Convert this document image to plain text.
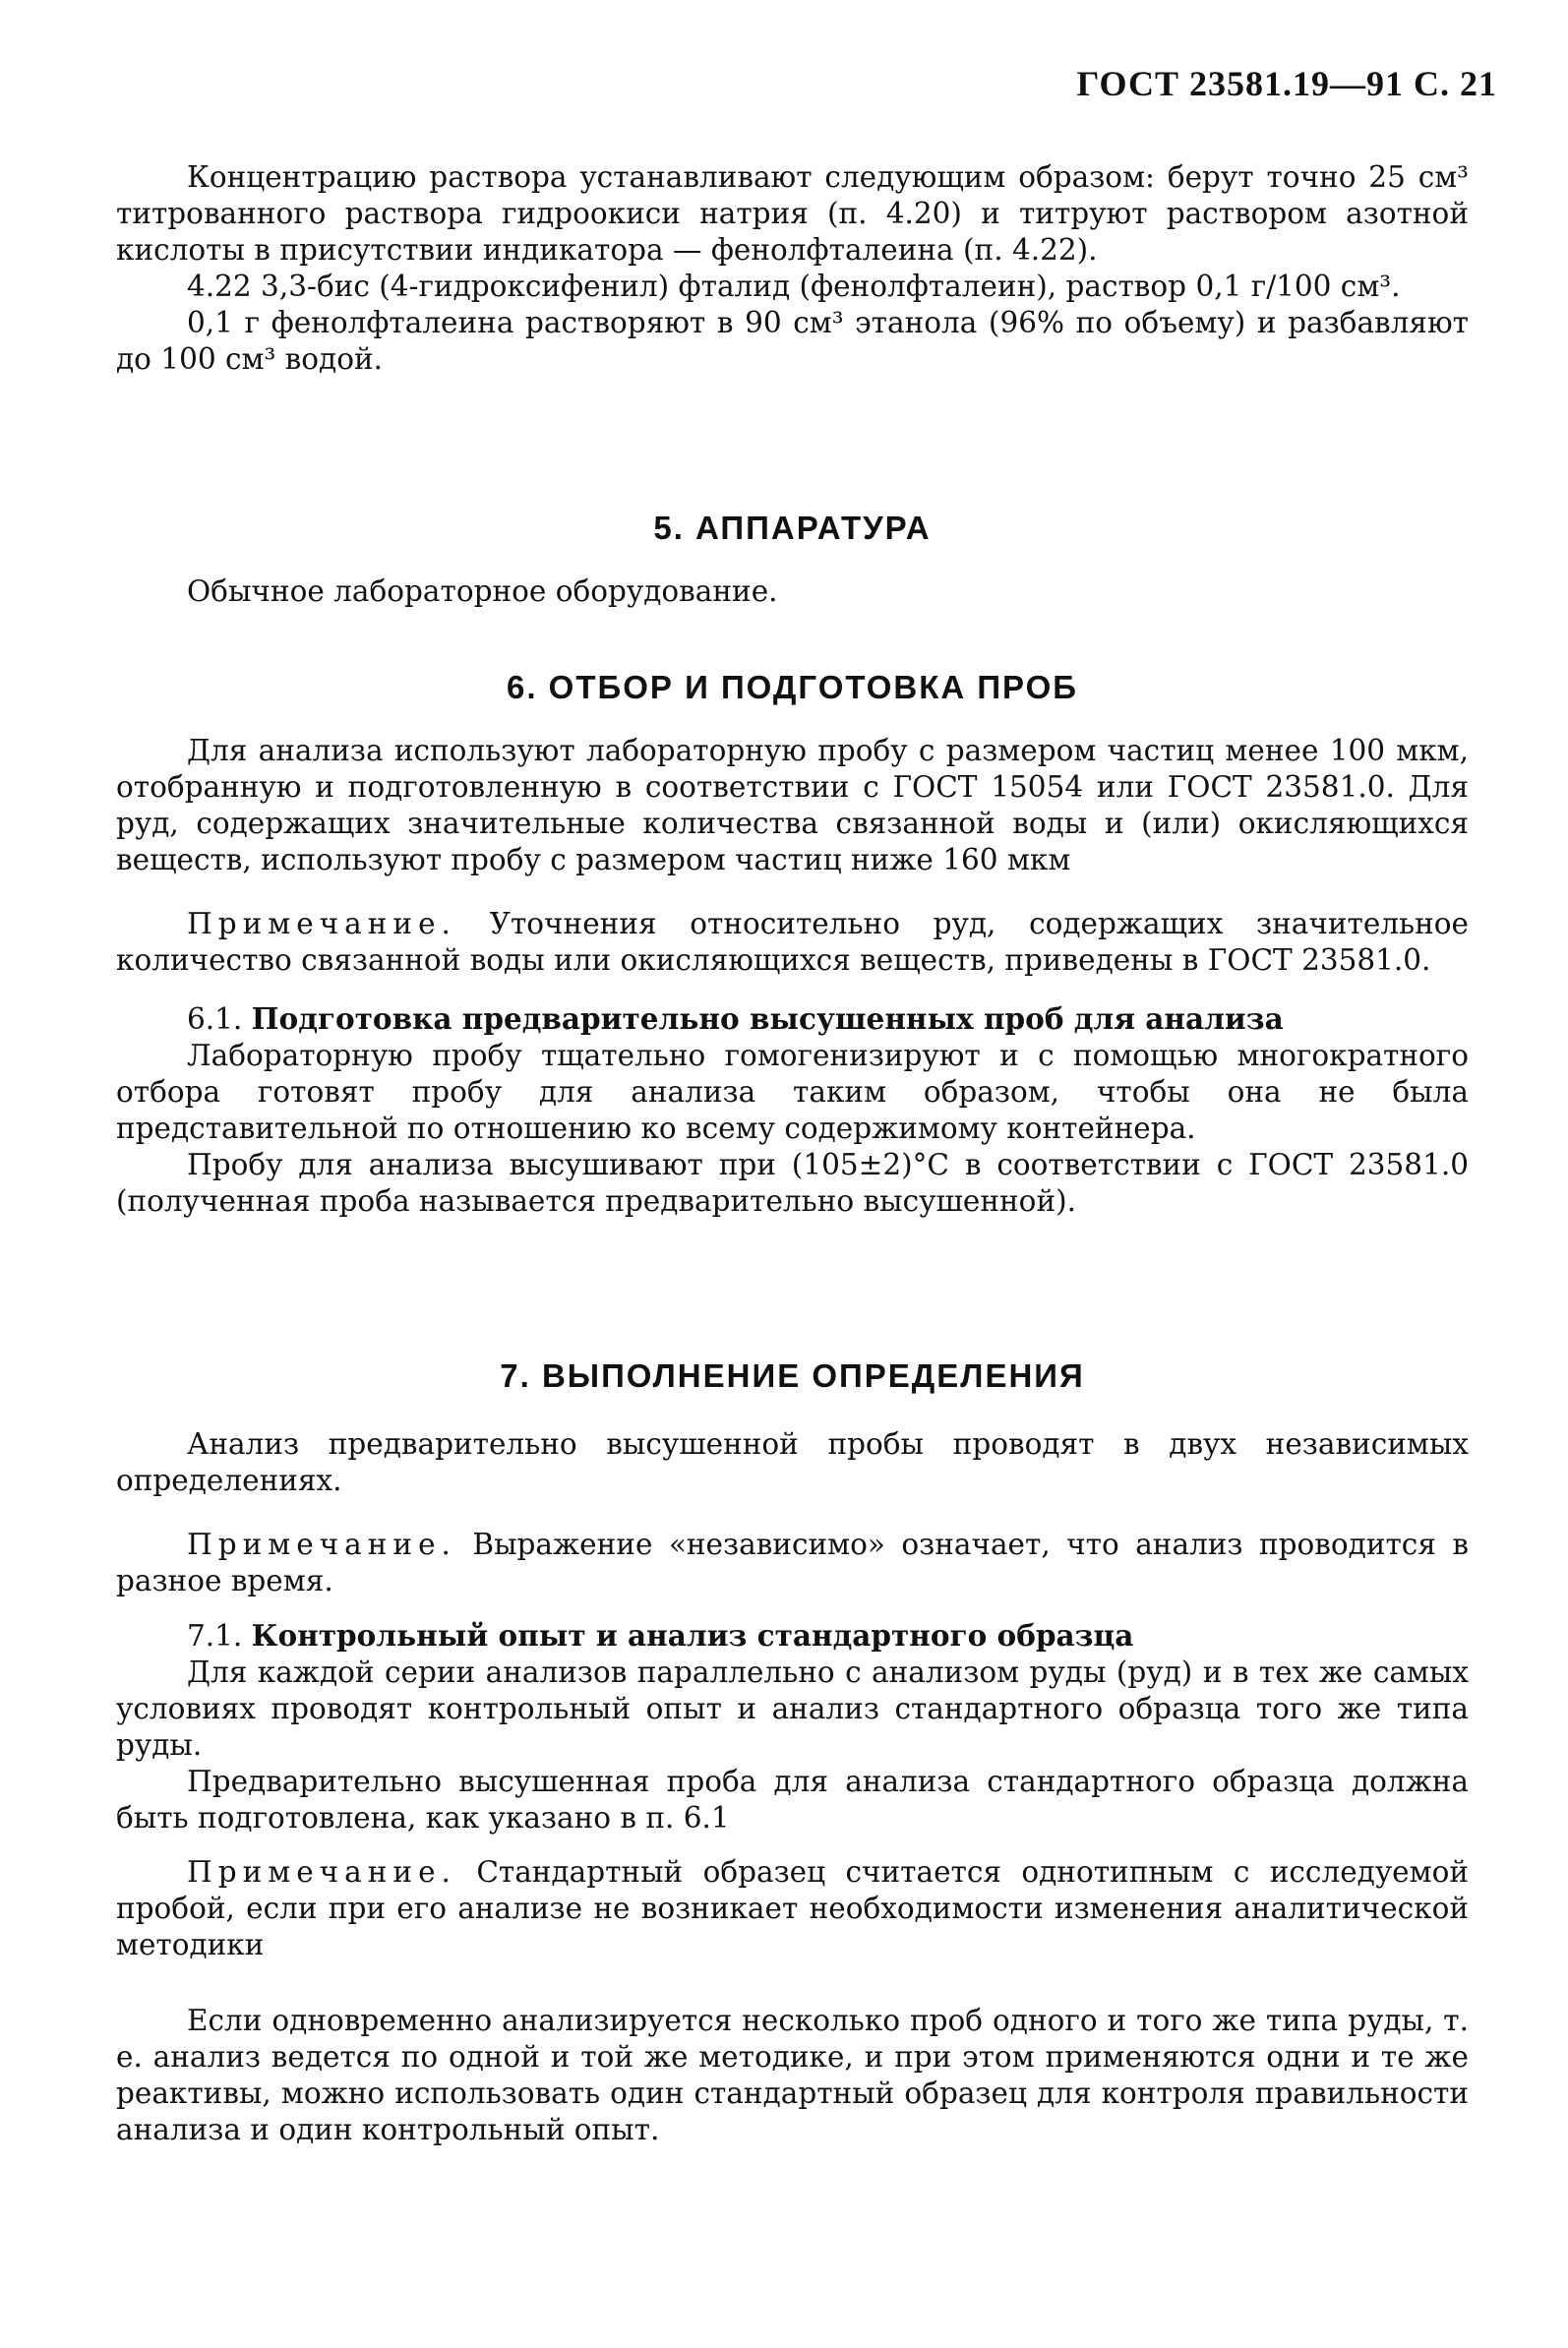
ГОСТ 23581.19—91 С. 21

Концентрацию раствора устанавливают следующим образом: берут точно 25 см³ титрованного раствора гидроокиси натрия (п. 4.20) и титруют раствором азотной кислоты в присутствии индикатора — фенолфталеина (п. 4.22).

4.22 3,3-бис (4-гидроксифенил) фталид (фенолфталеин), раствор 0,1 г/100 см³.

0,1 г фенолфталеина растворяют в 90 см³ этанола (96% по объему) и разбавляют до 100 см³ водой.

5. АППАРАТУРА

Обычное лабораторное оборудование.

6. ОТБОР И ПОДГОТОВКА ПРОБ

Для анализа используют лабораторную пробу с размером частиц менее 100 мкм, отобранную и подготовленную в соответствии с ГОСТ 15054 или ГОСТ 23581.0. Для руд, содержащих значительные количества связанной воды и (или) окисляющихся веществ, используют пробу с размером частиц ниже 160 мкм

Примечание. Уточнения относительно руд, содержащих значительное количество связанной воды или окисляющихся веществ, приведены в ГОСТ 23581.0.

6.1. Подготовка предварительно высушенных проб для анализа

Лабораторную пробу тщательно гомогенизируют и с помощью многократного отбора готовят пробу для анализа таким образом, чтобы она не была представительной по отношению ко всему содержимому контейнера.

Пробу для анализа высушивают при (105±2)°С в соответствии с ГОСТ 23581.0 (полученная проба называется предварительно высушенной).

7. ВЫПОЛНЕНИЕ ОПРЕДЕЛЕНИЯ

Анализ предварительно высушенной пробы проводят в двух независимых определениях.

Примечание. Выражение «независимо» означает, что анализ проводится в разное время.

7.1. Контрольный опыт и анализ стандартного образца

Для каждой серии анализов параллельно с анализом руды (руд) и в тех же самых условиях проводят контрольный опыт и анализ стандартного образца того же типа руды.

Предварительно высушенная проба для анализа стандартного образца должна быть подготовлена, как указано в п. 6.1

Примечание. Стандартный образец считается однотипным с исследуемой пробой, если при его анализе не возникает необходимости изменения аналитической методики

Если одновременно анализируется несколько проб одного и того же типа руды, т. е. анализ ведется по одной и той же методике, и при этом применяются одни и те же реактивы, можно использовать один стандартный образец для контроля правильности анализа и один контрольный опыт.
